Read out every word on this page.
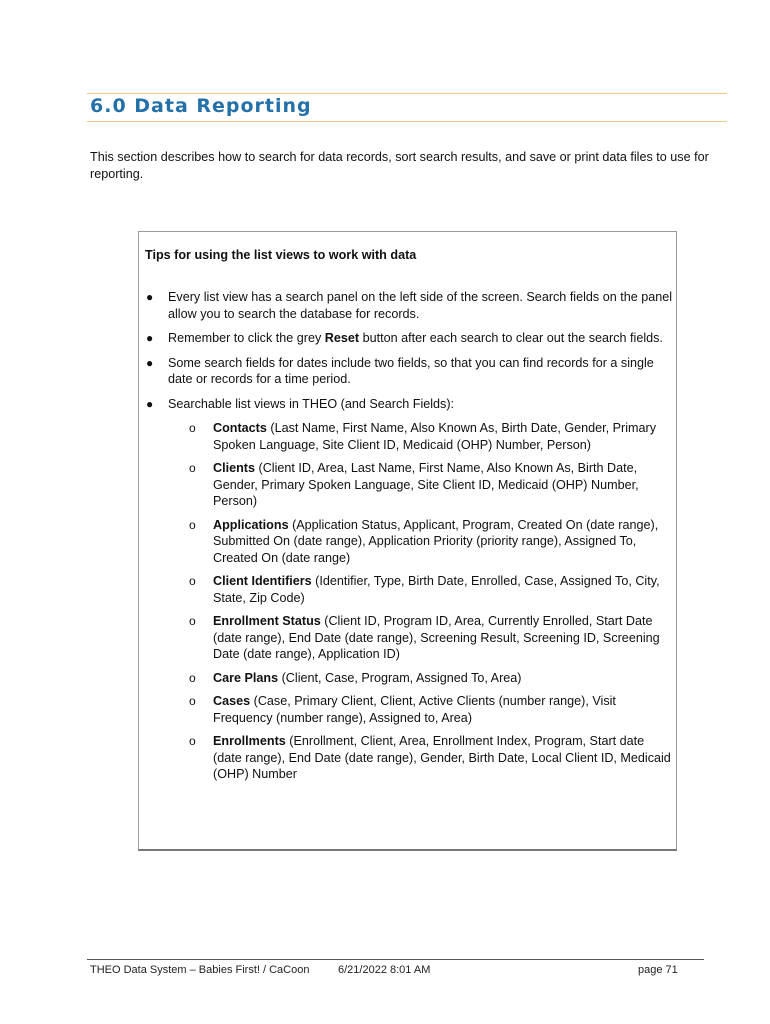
6.0 Data Reporting

This section describes how to search for data records, sort search results, and save or print data files to use for reporting.

Tips for using the list views to work with data

● Every list view has a search panel on the left side of the screen. Search fields on the panel allow you to search the database for records.
● Remember to click the grey Reset button after each search to clear out the search fields.
● Some search fields for dates include two fields, so that you can find records for a single date or records for a time period.
● Searchable list views in THEO (and Search Fields):
o Contacts (Last Name, First Name, Also Known As, Birth Date, Gender, Primary Spoken Language, Site Client ID, Medicaid (OHP) Number, Person)
o Clients (Client ID, Area, Last Name, First Name, Also Known As, Birth Date, Gender, Primary Spoken Language, Site Client ID, Medicaid (OHP) Number, Person)
o Applications (Application Status, Applicant, Program, Created On (date range), Submitted On (date range), Application Priority (priority range), Assigned To, Created On (date range)
o Client Identifiers (Identifier, Type, Birth Date, Enrolled, Case, Assigned To, City, State, Zip Code)
o Enrollment Status (Client ID, Program ID, Area, Currently Enrolled, Start Date (date range), End Date (date range), Screening Result, Screening ID, Screening Date (date range), Application ID)
o Care Plans (Client, Case, Program, Assigned To, Area)
o Cases (Case, Primary Client, Client, Active Clients (number range), Visit Frequency (number range), Assigned to, Area)
o Enrollments (Enrollment, Client, Area, Enrollment Index, Program, Start date (date range), End Date (date range), Gender, Birth Date, Local Client ID, Medicaid (OHP) Number
THEO Data System – Babies First! / CaCoon	6/21/2022 8:01 AM	page 71
